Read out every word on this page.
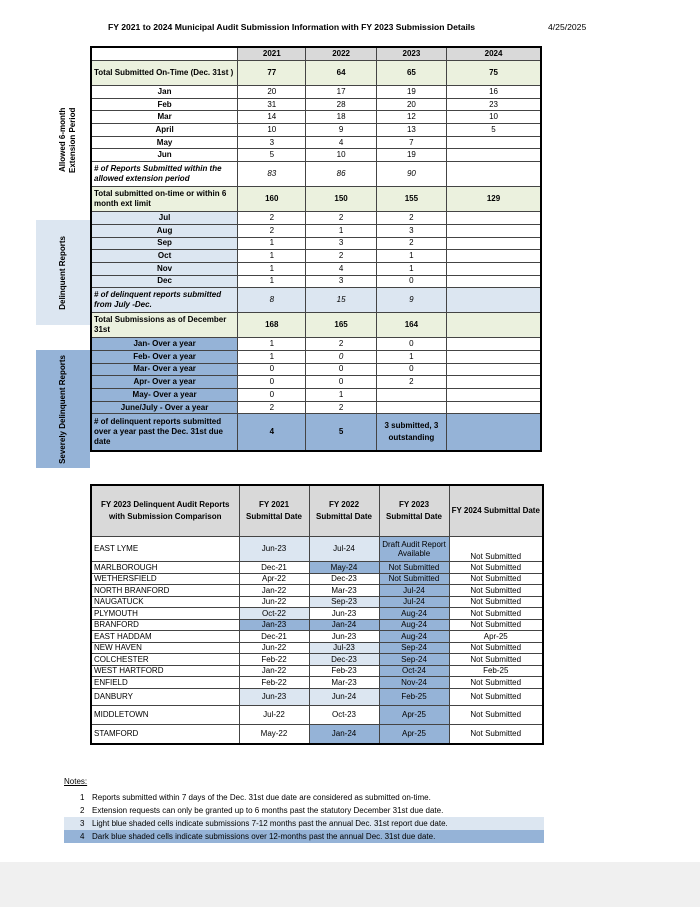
FY 2021 to 2024 Municipal Audit Submission Information with FY 2023 Submission Details	4/25/2025
Allowed 6-month Extension Period
Delinquent Reports
Severely Delinquent Reports
	2021	2022	2023	2024
Total Submitted On-Time (Dec. 31st )	77	64	65	75
Jan	20	17	19	16
Feb	31	28	20	23
Mar	14	18	12	10
April	10	9	13	5
May	3	4	7	
Jun	5	10	19	
# of Reports Submitted within the allowed extension period	83	86	90	
Total submitted on-time or within 6 month ext limit	160	150	155	129
Jul	2	2	2	
Aug	2	1	3	
Sep	1	3	2	
Oct	1	2	1	
Nov	1	4	1	
Dec	1	3	0	
# of delinquent reports submitted from July -Dec.	8	15	9	
Total Submissions as of December 31st	168	165	164	
Jan- Over a year	1	2	0	
Feb- Over a year	1	0	1	
Mar- Over a year	0	0	0	
Apr- Over a year	0	0	2	
May- Over a year	0	1		
June/July - Over a year	2	2		
# of delinquent reports submitted over a year past the Dec. 31st due date	4	5	3 submitted, 3 outstanding	
FY 2023 Delinquent Audit Reports with Submission Comparison	FY 2021 Submittal Date	FY 2022 Submittal Date	FY 2023 Submittal Date	FY 2024 Submittal Date
EAST LYME	Jun-23	Jul-24	Draft Audit Report Available	Not Submitted
MARLBOROUGH	Dec-21	May-24	Not Submitted	Not Submitted
WETHERSFIELD	Apr-22	Dec-23	Not Submitted	Not Submitted
NORTH BRANFORD	Jan-22	Mar-23	Jul-24	Not Submitted
NAUGATUCK	Jun-22	Sep-23	Jul-24	Not Submitted
PLYMOUTH	Oct-22	Jun-23	Aug-24	Not Submitted
BRANFORD	Jan-23	Jan-24	Aug-24	Not Submitted
EAST HADDAM	Dec-21	Jun-23	Aug-24	Apr-25
NEW HAVEN	Jun-22	Jul-23	Sep-24	Not Submitted
COLCHESTER	Feb-22	Dec-23	Sep-24	Not Submitted
WEST HARTFORD	Jan-22	Feb-23	Oct-24	Feb-25
ENFIELD	Feb-22	Mar-23	Nov-24	Not Submitted
DANBURY	Jun-23	Jun-24	Feb-25	Not Submitted
MIDDLETOWN	Jul-22	Oct-23	Apr-25	Not Submitted
STAMFORD	May-22	Jan-24	Apr-25	Not Submitted
Notes:
1 Reports submitted within 7 days of the Dec. 31st due date are considered as submitted on-time.
2 Extension requests can only be granted up to 6 months past the statutory December 31st due date.
3 Light blue shaded cells indicate submissions 7-12 months past the annual Dec. 31st report due date.
4 Dark blue shaded cells indicate submissions over 12-months past the annual Dec. 31st due date.
